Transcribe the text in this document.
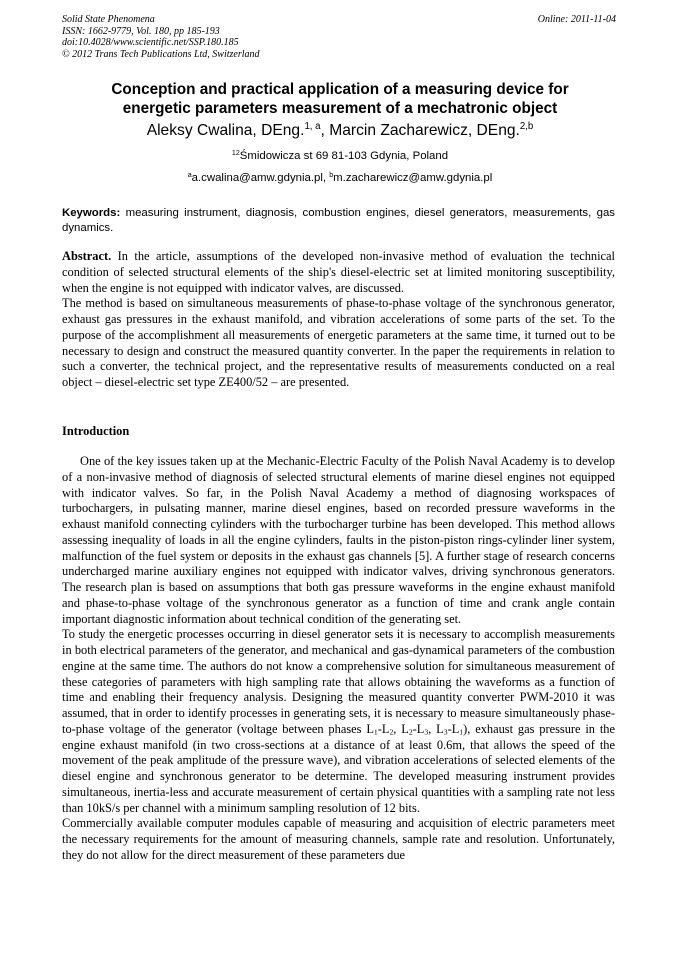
Solid State Phenomena
ISSN: 1662-9779, Vol. 180, pp 185-193
doi:10.4028/www.scientific.net/SSP.180.185
© 2012 Trans Tech Publications Ltd, Switzerland
Online: 2011-11-04
Conception and practical application of a measuring device for
energetic parameters measurement of a mechatronic object
Aleksy Cwalina, DEng.$^{1, a}$, Marcin Zacharewicz, DEng.$^{2,b}$
$^{12}$Śmidowicza st 69 81-103 Gdynia, Poland
$^a$a.cwalina@amw.gdynia.pl, $^b$m.zacharewicz@amw.gdynia.pl
Keywords: measuring instrument, diagnosis, combustion engines, diesel generators, measurements, gas dynamics.

Abstract. In the article, assumptions of the developed non-invasive method of evaluation the technical condition of selected structural elements of the ship's diesel-electric set at limited monitoring susceptibility, when the engine is not equipped with indicator valves, are discussed.

The method is based on simultaneous measurements of phase-to-phase voltage of the synchronous generator, exhaust gas pressures in the exhaust manifold, and vibration accelerations of some parts of the set. To the purpose of the accomplishment all measurements of energetic parameters at the same time, it turned out to be necessary to design and construct the measured quantity converter. In the paper the requirements in relation to such a converter, the technical project, and the representative results of measurements conducted on a real object – diesel-electric set type ZE400/52 – are presented.

Introduction

One of the key issues taken up at the Mechanic-Electric Faculty of the Polish Naval Academy is to develop of a non-invasive method of diagnosis of selected structural elements of marine diesel engines not equipped with indicator valves. So far, in the Polish Naval Academy a method of diagnosing workspaces of turbochargers, in pulsating manner, marine diesel engines, based on recorded pressure waveforms in the exhaust manifold connecting cylinders with the turbocharger turbine has been developed. This method allows assessing inequality of loads in all the engine cylinders, faults in the piston-piston rings-cylinder liner system, malfunction of the fuel system or deposits in the exhaust gas channels [5]. A further stage of research concerns undercharged marine auxiliary engines not equipped with indicator valves, driving synchronous generators. The research plan is based on assumptions that both gas pressure waveforms in the engine exhaust manifold and phase-to-phase voltage of the synchronous generator as a function of time and crank angle contain important diagnostic information about technical condition of the generating set.

To study the energetic processes occurring in diesel generator sets it is necessary to accomplish measurements in both electrical parameters of the generator, and mechanical and gas-dynamical parameters of the combustion engine at the same time. The authors do not know a comprehensive solution for simultaneous measurement of these categories of parameters with high sampling rate that allows obtaining the waveforms as a function of time and enabling their frequency analysis. Designing the measured quantity converter PWM-2010 it was assumed, that in order to identify processes in generating sets, it is necessary to measure simultaneously phase-to-phase voltage of the generator (voltage between phases $L_1-L_2$, $L_2-L_3$, $L_3-L_1$), exhaust gas pressure in the engine exhaust manifold (in two cross-sections at a distance of at least 0.6m, that allows the speed of the movement of the peak amplitude of the pressure wave), and vibration accelerations of selected elements of the diesel engine and synchronous generator to be determine. The developed measuring instrument provides simultaneous, inertia-less and accurate measurement of certain physical quantities with a sampling rate not less than 10kS/s per channel with a minimum sampling resolution of 12 bits.

Commercially available computer modules capable of measuring and acquisition of electric parameters meet the necessary requirements for the amount of measuring channels, sample rate and resolution. Unfortunately, they do not allow for the direct measurement of these parameters due
